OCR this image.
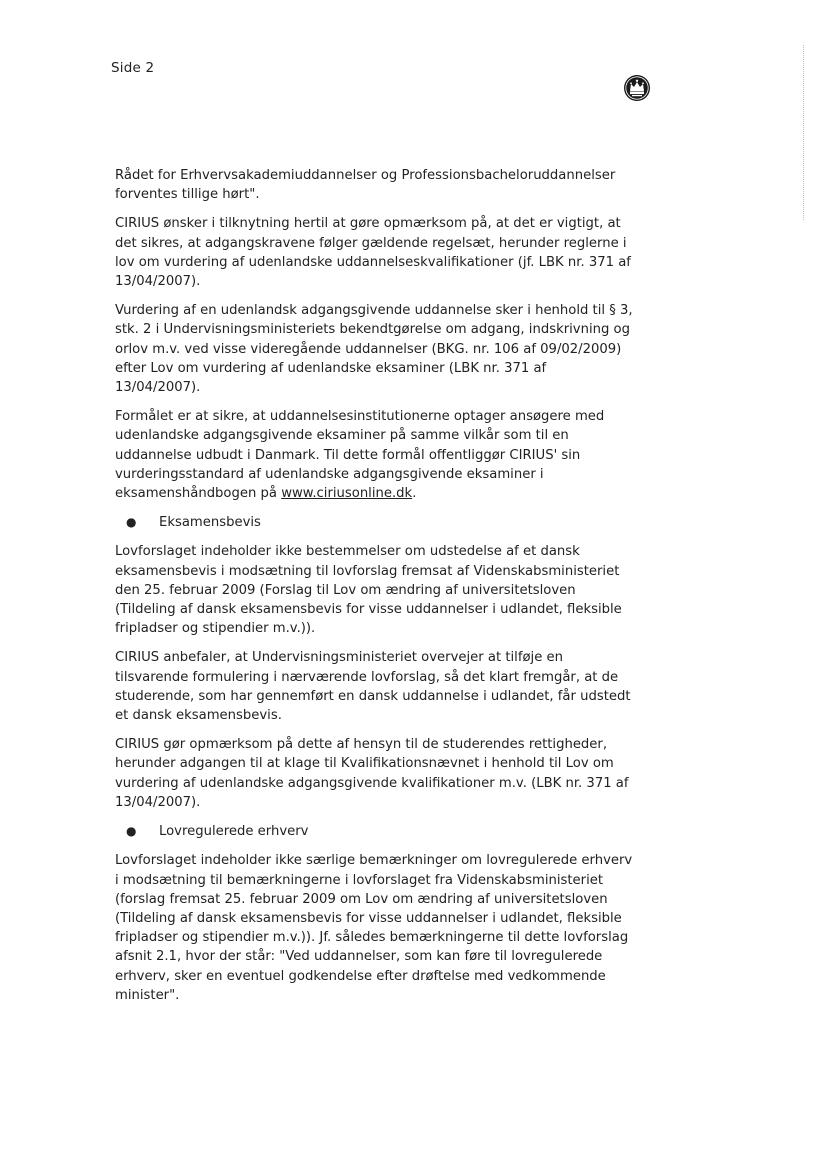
Side 2

Rådet for Erhvervsakademiuddannelser og Professionsbacheloruddannelser forventes tillige hørt".

CIRIUS ønsker i tilknytning hertil at gøre opmærksom på, at det er vigtigt, at det sikres, at adgangskravene følger gældende regelsæt, herunder reglerne i lov om vurdering af udenlandske uddannelseskvalifikationer (jf. LBK nr. 371 af 13/04/2007).

Vurdering af en udenlandsk adgangsgivende uddannelse sker i henhold til § 3, stk. 2 i Undervisningsministeriets bekendtgørelse om adgang, indskrivning og orlov m.v. ved visse videregående uddannelser (BKG. nr. 106 af 09/02/2009) efter Lov om vurdering af udenlandske eksaminer (LBK nr. 371 af 13/04/2007).

Formålet er at sikre, at uddannelsesinstitutionerne optager ansøgere med udenlandske adgangsgivende eksaminer på samme vilkår som til en uddannelse udbudt i Danmark. Til dette formål offentliggør CIRIUS' sin vurderingsstandard af udenlandske adgangsgivende eksaminer i eksamenshåndbogen på www.ciriusonline.dk.

● Eksamensbevis

Lovforslaget indeholder ikke bestemmelser om udstedelse af et dansk eksamensbevis i modsætning til lovforslag fremsat af Videnskabsministeriet den 25. februar 2009 (Forslag til Lov om ændring af universitetsloven (Tildeling af dansk eksamensbevis for visse uddannelser i udlandet, fleksible fripladser og stipendier m.v.)).

CIRIUS anbefaler, at Undervisningsministeriet overvejer at tilføje en tilsvarende formulering i nærværende lovforslag, så det klart fremgår, at de studerende, som har gennemført en dansk uddannelse i udlandet, får udstedt et dansk eksamensbevis.

CIRIUS gør opmærksom på dette af hensyn til de studerendes rettigheder, herunder adgangen til at klage til Kvalifikationsnævnet i henhold til Lov om vurdering af udenlandske adgangsgivende kvalifikationer m.v. (LBK nr. 371 af 13/04/2007).

● Lovregulerede erhverv

Lovforslaget indeholder ikke særlige bemærkninger om lovregulerede erhverv i modsætning til bemærkningerne i lovforslaget fra Videnskabsministeriet (forslag fremsat 25. februar 2009 om Lov om ændring af universitetsloven (Tildeling af dansk eksamensbevis for visse uddannelser i udlandet, fleksible fripladser og stipendier m.v.)). Jf. således bemærkningerne til dette lovforslag afsnit 2.1, hvor der står: "Ved uddannelser, som kan føre til lovregulerede erhverv, sker en eventuel godkendelse efter drøftelse med vedkommende minister".
